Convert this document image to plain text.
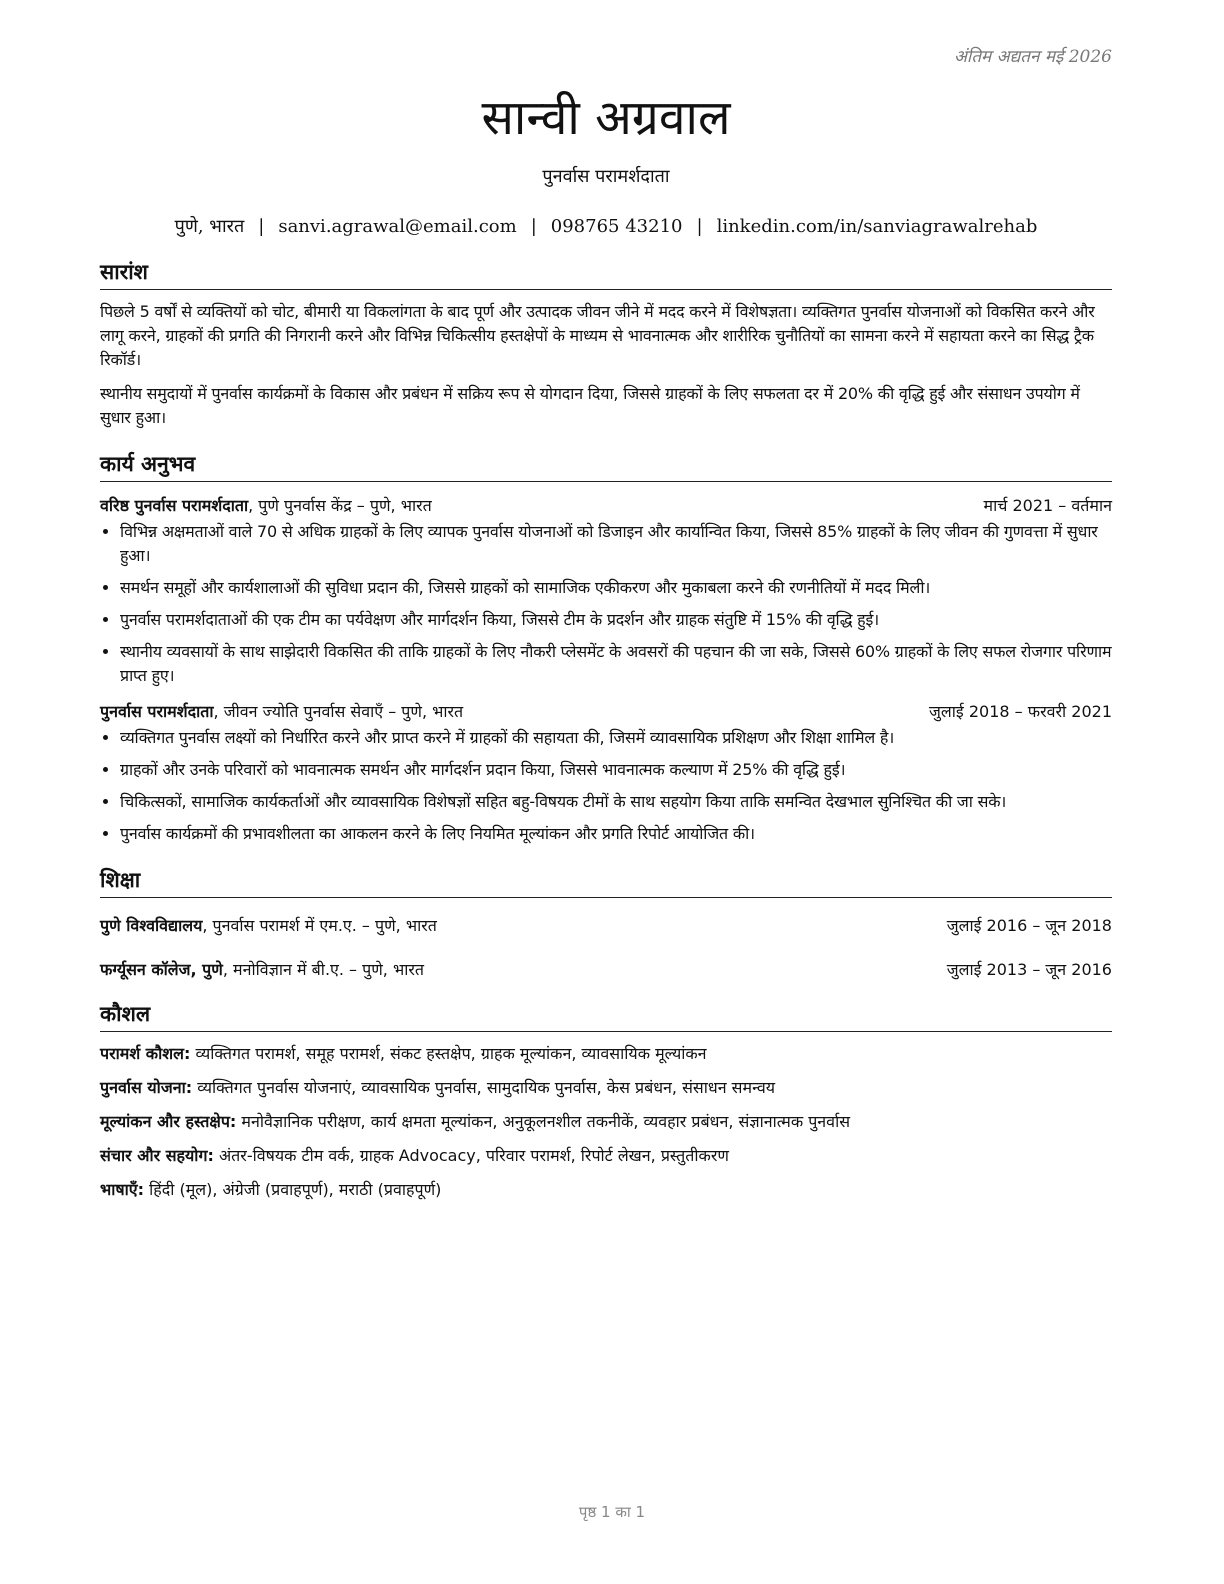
अंतिम अद्यतन मई 2026
सान्वी अग्रवाल
पुनर्वास परामर्शदाता
पुणे, भारत | sanvi.agrawal@email.com | 098765 43210 | linkedin.com/in/sanviagrawalrehab
सारांश
पिछले 5 वर्षों से व्यक्तियों को चोट, बीमारी या विकलांगता के बाद पूर्ण और उत्पादक जीवन जीने में मदद करने में विशेषज्ञता। व्यक्तिगत पुनर्वास योजनाओं को विकसित करने और लागू करने, ग्राहकों की प्रगति की निगरानी करने और विभिन्न चिकित्सीय हस्तक्षेपों के माध्यम से भावनात्मक और शारीरिक चुनौतियों का सामना करने में सहायता करने का सिद्ध ट्रैक रिकॉर्ड।
स्थानीय समुदायों में पुनर्वास कार्यक्रमों के विकास और प्रबंधन में सक्रिय रूप से योगदान दिया, जिससे ग्राहकों के लिए सफलता दर में 20% की वृद्धि हुई और संसाधन उपयोग में सुधार हुआ।
कार्य अनुभव
वरिष्ठ पुनर्वास परामर्शदाता, पुणे पुनर्वास केंद्र – पुणे, भारत	मार्च 2021 – वर्तमान
• विभिन्न अक्षमताओं वाले 70 से अधिक ग्राहकों के लिए व्यापक पुनर्वास योजनाओं को डिजाइन और कार्यान्वित किया, जिससे 85% ग्राहकों के लिए जीवन की गुणवत्ता में सुधार हुआ।
• समर्थन समूहों और कार्यशालाओं की सुविधा प्रदान की, जिससे ग्राहकों को सामाजिक एकीकरण और मुकाबला करने की रणनीतियों में मदद मिली।
• पुनर्वास परामर्शदाताओं की एक टीम का पर्यवेक्षण और मार्गदर्शन किया, जिससे टीम के प्रदर्शन और ग्राहक संतुष्टि में 15% की वृद्धि हुई।
• स्थानीय व्यवसायों के साथ साझेदारी विकसित की ताकि ग्राहकों के लिए नौकरी प्लेसमेंट के अवसरों की पहचान की जा सके, जिससे 60% ग्राहकों के लिए सफल रोजगार परिणाम प्राप्त हुए।
पुनर्वास परामर्शदाता, जीवन ज्योति पुनर्वास सेवाएँ – पुणे, भारत	जुलाई 2018 – फरवरी 2021
• व्यक्तिगत पुनर्वास लक्ष्यों को निर्धारित करने और प्राप्त करने में ग्राहकों की सहायता की, जिसमें व्यावसायिक प्रशिक्षण और शिक्षा शामिल है।
• ग्राहकों और उनके परिवारों को भावनात्मक समर्थन और मार्गदर्शन प्रदान किया, जिससे भावनात्मक कल्याण में 25% की वृद्धि हुई।
• चिकित्सकों, सामाजिक कार्यकर्ताओं और व्यावसायिक विशेषज्ञों सहित बहु-विषयक टीमों के साथ सहयोग किया ताकि समन्वित देखभाल सुनिश्चित की जा सके।
• पुनर्वास कार्यक्रमों की प्रभावशीलता का आकलन करने के लिए नियमित मूल्यांकन और प्रगति रिपोर्ट आयोजित की।
शिक्षा
पुणे विश्वविद्यालय, पुनर्वास परामर्श में एम.ए. – पुणे, भारत	जुलाई 2016 – जून 2018
फर्ग्यूसन कॉलेज, पुणे, मनोविज्ञान में बी.ए. – पुणे, भारत	जुलाई 2013 – जून 2016
कौशल
परामर्श कौशल: व्यक्तिगत परामर्श, समूह परामर्श, संकट हस्तक्षेप, ग्राहक मूल्यांकन, व्यावसायिक मूल्यांकन
पुनर्वास योजना: व्यक्तिगत पुनर्वास योजनाएं, व्यावसायिक पुनर्वास, सामुदायिक पुनर्वास, केस प्रबंधन, संसाधन समन्वय
मूल्यांकन और हस्तक्षेप: मनोवैज्ञानिक परीक्षण, कार्य क्षमता मूल्यांकन, अनुकूलनशील तकनीकें, व्यवहार प्रबंधन, संज्ञानात्मक पुनर्वास
संचार और सहयोग: अंतर-विषयक टीम वर्क, ग्राहक Advocacy, परिवार परामर्श, रिपोर्ट लेखन, प्रस्तुतीकरण
भाषाएँ: हिंदी (मूल), अंग्रेजी (प्रवाहपूर्ण), मराठी (प्रवाहपूर्ण)
पृष्ठ 1 का 1
